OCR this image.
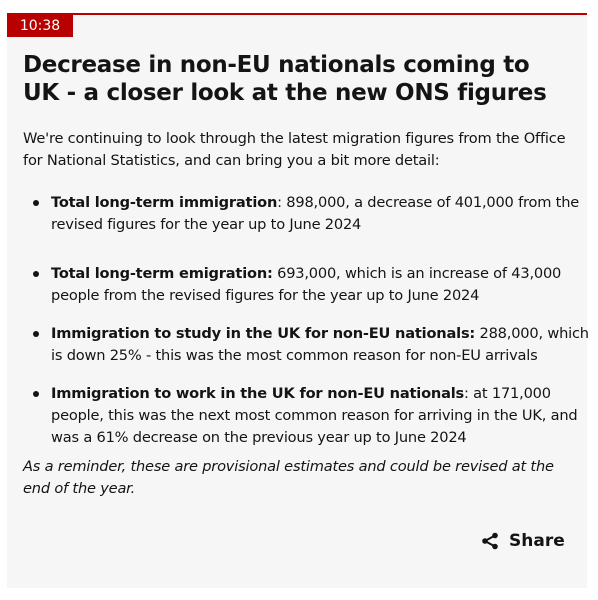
10:38
Decrease in non-EU nationals coming to UK - a closer look at the new ONS figures

We're continuing to look through the latest migration figures from the Office for National Statistics, and can bring you a bit more detail:

Total long-term immigration: 898,000, a decrease of 401,000 from the revised figures for the year up to June 2024
Total long-term emigration: 693,000, which is an increase of 43,000 people from the revised figures for the year up to June 2024
Immigration to study in the UK for non-EU nationals: 288,000, which is down 25% - this was the most common reason for non-EU arrivals
Immigration to work in the UK for non-EU nationals: at 171,000 people, this was the next most common reason for arriving in the UK, and was a 61% decrease on the previous year up to June 2024

As a reminder, these are provisional estimates and could be revised at the end of the year.

Share
